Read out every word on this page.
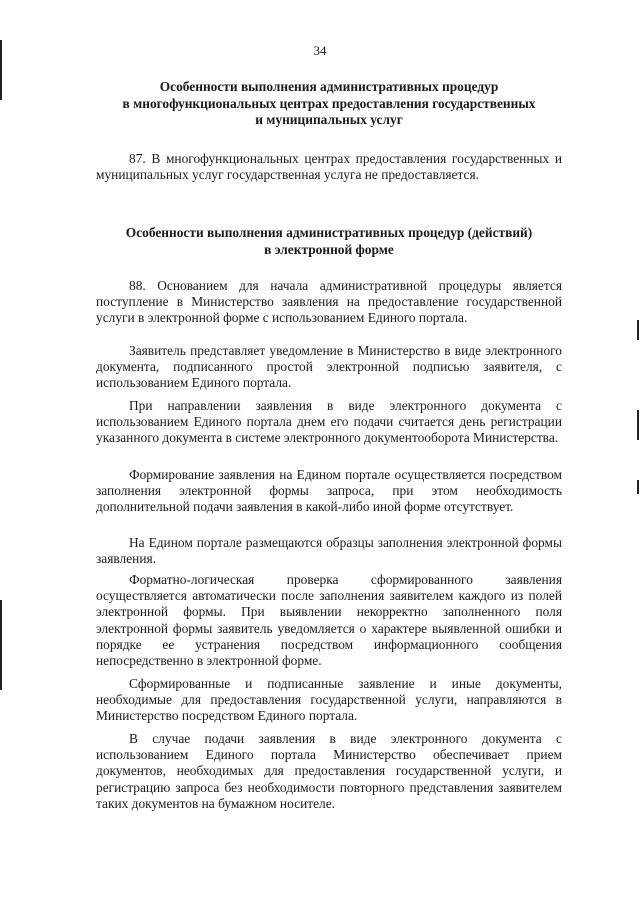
34
Особенности выполнения административных процедур
в многофункциональных центрах предоставления государственных
и муниципальных услуг

87. В многофункциональных центрах предоставления государственных и муниципальных услуг государственная услуга не предоставляется.

Особенности выполнения административных процедур (действий)
в электронной форме

88. Основанием для начала административной процедуры является поступление в Министерство заявления на предоставление государственной услуги в электронной форме с использованием Единого портала.

Заявитель представляет уведомление в Министерство в виде электронного документа, подписанного простой электронной подписью заявителя, с использованием Единого портала.

При направлении заявления в виде электронного документа с использованием Единого портала днем его подачи считается день регистрации указанного документа в системе электронного документооборота Министерства.

Формирование заявления на Едином портале осуществляется посредством заполнения электронной формы запроса, при этом необходимость дополнительной подачи заявления в какой-либо иной форме отсутствует.

На Едином портале размещаются образцы заполнения электронной формы заявления.

Форматно-логическая проверка сформированного заявления осуществляется автоматически после заполнения заявителем каждого из полей электронной формы. При выявлении некорректно заполненного поля электронной формы заявитель уведомляется о характере выявленной ошибки и порядке ее устранения посредством информационного сообщения непосредственно в электронной форме.

Сформированные и подписанные заявление и иные документы, необходимые для предоставления государственной услуги, направляются в Министерство посредством Единого портала.

В случае подачи заявления в виде электронного документа с использованием Единого портала Министерство обеспечивает прием документов, необходимых для предоставления государственной услуги, и регистрацию запроса без необходимости повторного представления заявителем таких документов на бумажном носителе.
